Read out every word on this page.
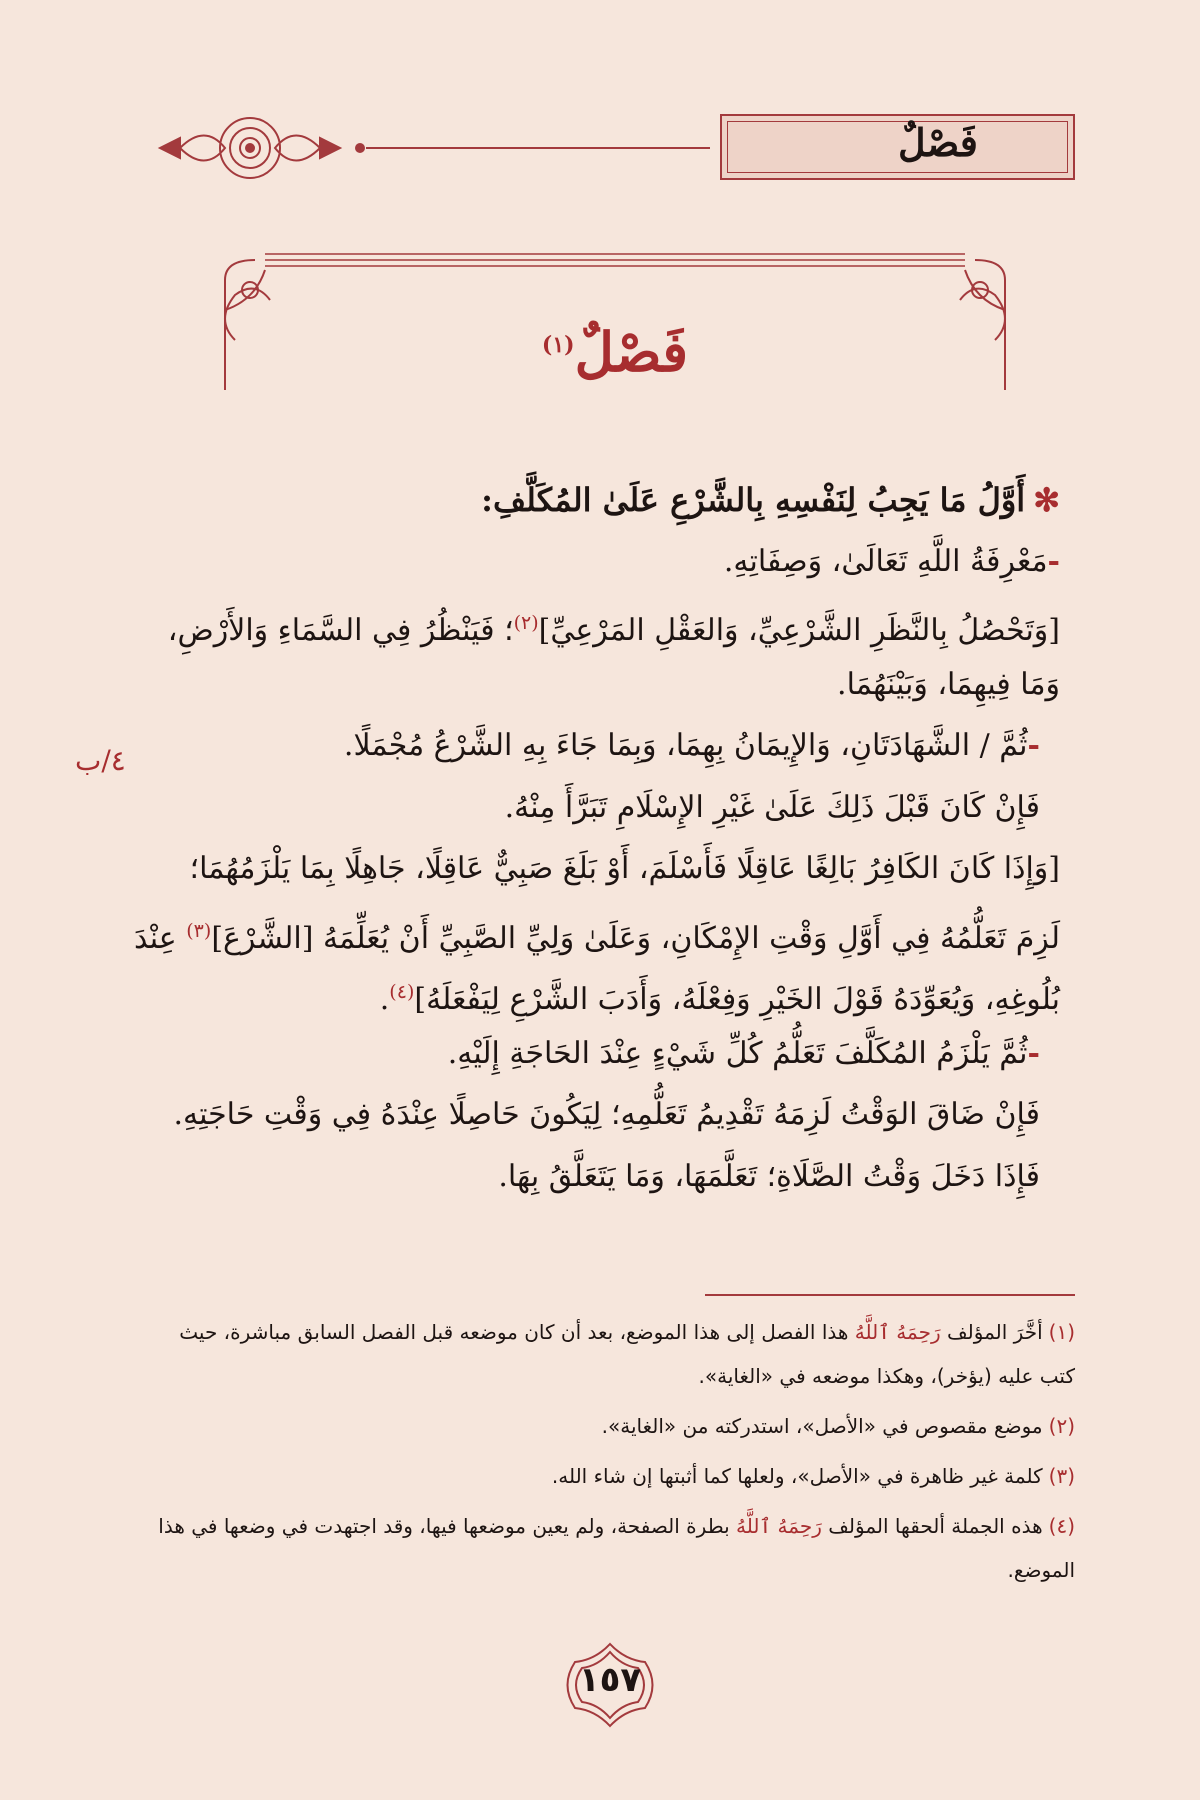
فَصْلٌ
فَصْلٌ$^{(١)}$
٤/ب
✻أَوَّلُ مَا يَجِبُ لِنَفْسِهِ بِالشَّرْعِ عَلَىٰ المُكَلَّفِ:
-مَعْرِفَةُ اللَّهِ تَعَالَىٰ، وَصِفَاتِهِ.
[وَتَحْصُلُ بِالنَّظَرِ الشَّرْعِيِّ، وَالعَقْلِ المَرْعِيِّ]$^{(٢)}$؛ فَيَنْظُرُ فِي السَّمَاءِ وَالأَرْضِ،
وَمَا فِيهِمَا، وَبَيْنَهُمَا.
-ثُمَّ / الشَّهَادَتَانِ، وَالإِيمَانُ بِهِمَا، وَبِمَا جَاءَ بِهِ الشَّرْعُ مُجْمَلًا.
فَإِنْ كَانَ قَبْلَ ذَلِكَ عَلَىٰ غَيْرِ الإِسْلَامِ تَبَرَّأَ مِنْهُ.
[وَإِذَا كَانَ الكَافِرُ بَالِغًا عَاقِلًا فَأَسْلَمَ، أَوْ بَلَغَ صَبِيٌّ عَاقِلًا، جَاهِلًا بِمَا يَلْزَمُهُمَا؛
لَزِمَ تَعَلُّمُهُ فِي أَوَّلِ وَقْتِ الإِمْكَانِ، وَعَلَىٰ وَلِيِّ الصَّبِيِّ أَنْ يُعَلِّمَهُ [الشَّرْعَ]$^{(٣)}$ عِنْدَ
بُلُوغِهِ، وَيُعَوِّدَهُ قَوْلَ الخَيْرِ وَفِعْلَهُ، وَأَدَبَ الشَّرْعِ لِيَفْعَلَهُ]$^{(٤)}$.
-ثُمَّ يَلْزَمُ المُكَلَّفَ تَعَلُّمُ كُلِّ شَيْءٍ عِنْدَ الحَاجَةِ إِلَيْهِ.
فَإِنْ ضَاقَ الوَقْتُ لَزِمَهُ تَقْدِيمُ تَعَلُّمِهِ؛ لِيَكُونَ حَاصِلًا عِنْدَهُ فِي وَقْتِ حَاجَتِهِ.
فَإِذَا دَخَلَ وَقْتُ الصَّلَاةِ؛ تَعَلَّمَهَا، وَمَا يَتَعَلَّقُ بِهَا.
(١)أخَّرَ المؤلف رَحِمَهُ ٱللَّهُ هذا الفصل إلى هذا الموضع، بعد أن كان موضعه قبل الفصل السابق مباشرة، حيث كتب عليه (يؤخر)، وهكذا موضعه في «الغاية».
(٢)موضع مقصوص في «الأصل»، استدركته من «الغاية».
(٣)كلمة غير ظاهرة في «الأصل»، ولعلها كما أثبتها إن شاء الله.
(٤)هذه الجملة ألحقها المؤلف رَحِمَهُ ٱللَّهُ بطرة الصفحة، ولم يعين موضعها فيها، وقد اجتهدت في وضعها في هذا الموضع.
١٥٧
